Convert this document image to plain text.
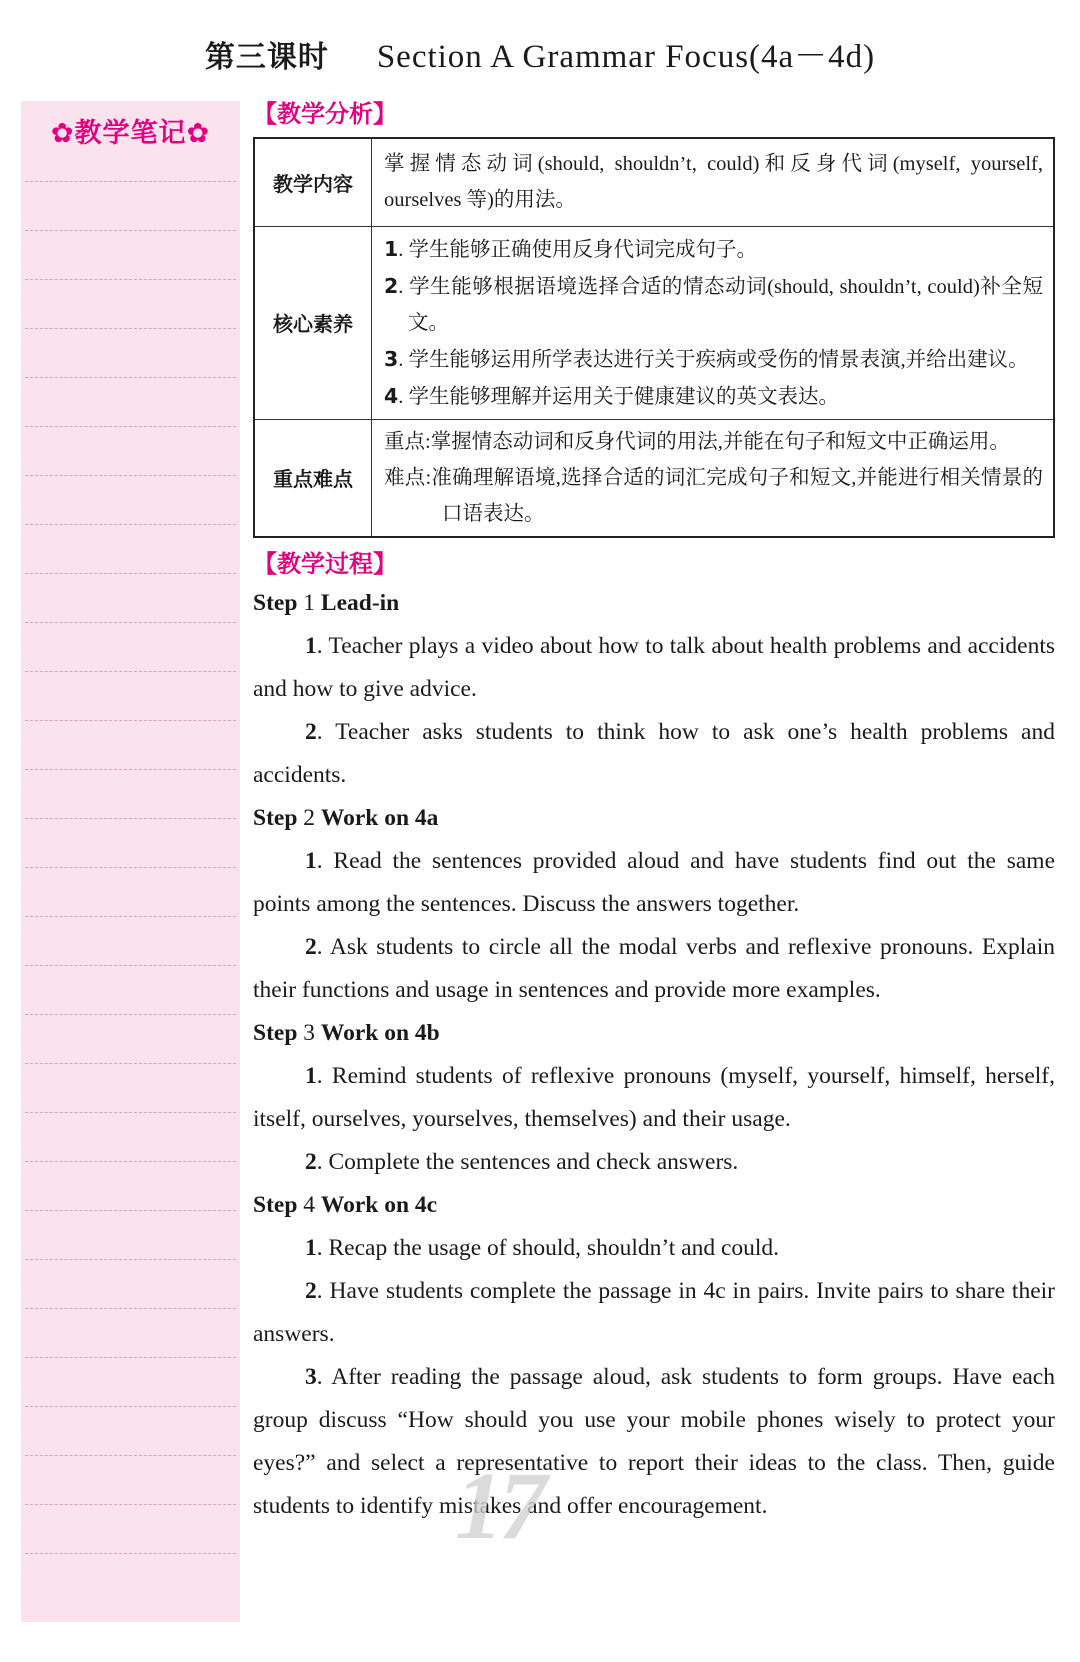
第三课时 Section A Grammar Focus(4a－4d)
✿教学笔记✿
【教学分析】
教学内容	掌握情态动词(should, shouldn’t, could)和反身代词(myself, yourself, ourselves 等)的用法。

核心素养	1. 学生能够正确使用反身代词完成句子。

2. 学生能够根据语境选择合适的情态动词(should, shouldn’t, could)补全短文。

3. 学生能够运用所学表达进行关于疾病或受伤的情景表演,并给出建议。

4. 学生能够理解并运用关于健康建议的英文表达。

重点难点	重点:掌握情态动词和反身代词的用法,并能在句子和短文中正确运用。

难点:准确理解语境,选择合适的词汇完成句子和短文,并能进行相关情景的口语表达。

【教学过程】
Step 1 Lead-in

1. Teacher plays a video about how to talk about health problems and accidents and how to give advice.

2. Teacher asks students to think how to ask one’s health problems and accidents.

Step 2 Work on 4a

1. Read the sentences provided aloud and have students find out the same points among the sentences. Discuss the answers together.

2. Ask students to circle all the modal verbs and reflexive pronouns. Explain their functions and usage in sentences and provide more examples.

Step 3 Work on 4b

1. Remind students of reflexive pronouns (myself, yourself, himself, herself, itself, ourselves, yourselves, themselves) and their usage.

2. Complete the sentences and check answers.

Step 4 Work on 4c

1. Recap the usage of should, shouldn’t and could.

2. Have students complete the passage in 4c in pairs. Invite pairs to share their answers.

3. After reading the passage aloud, ask students to form groups. Have each group discuss “How should you use your mobile phones wisely to protect your eyes?” and select a representative to report their ideas to the class. Then, guide students to identify mistakes and offer encouragement.

17
